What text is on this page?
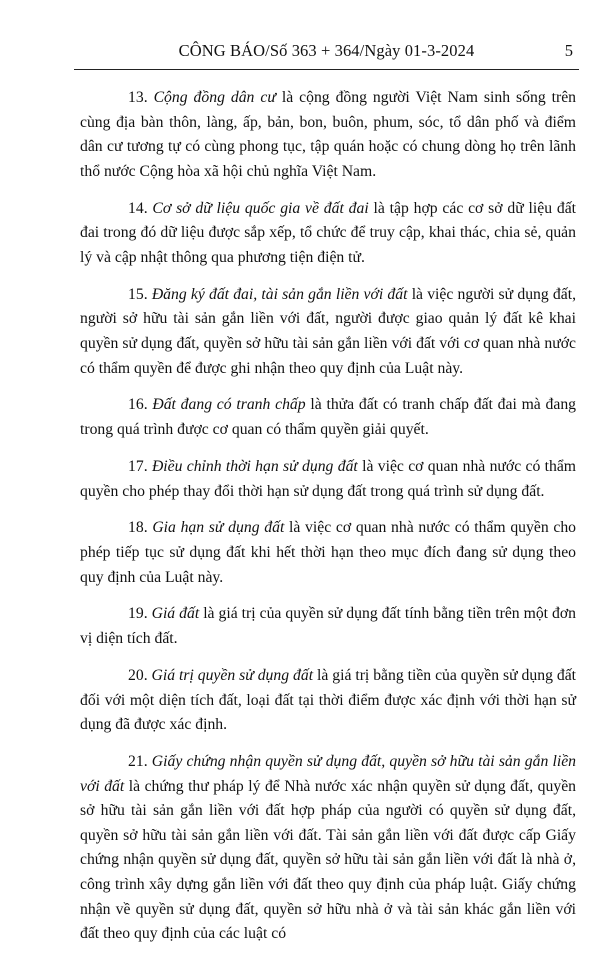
CÔNG BÁO/Số 363 + 364/Ngày 01-3-2024	5

13. Cộng đồng dân cư là cộng đồng người Việt Nam sinh sống trên cùng địa bàn thôn, làng, ấp, bản, bon, buôn, phum, sóc, tổ dân phố và điểm dân cư tương tự có cùng phong tục, tập quán hoặc có chung dòng họ trên lãnh thổ nước Cộng hòa xã hội chủ nghĩa Việt Nam.

14. Cơ sở dữ liệu quốc gia về đất đai là tập hợp các cơ sở dữ liệu đất đai trong đó dữ liệu được sắp xếp, tổ chức để truy cập, khai thác, chia sẻ, quản lý và cập nhật thông qua phương tiện điện tử.

15. Đăng ký đất đai, tài sản gắn liền với đất là việc người sử dụng đất, người sở hữu tài sản gắn liền với đất, người được giao quản lý đất kê khai quyền sử dụng đất, quyền sở hữu tài sản gắn liền với đất với cơ quan nhà nước có thẩm quyền để được ghi nhận theo quy định của Luật này.

16. Đất đang có tranh chấp là thửa đất có tranh chấp đất đai mà đang trong quá trình được cơ quan có thẩm quyền giải quyết.

17. Điều chỉnh thời hạn sử dụng đất là việc cơ quan nhà nước có thẩm quyền cho phép thay đổi thời hạn sử dụng đất trong quá trình sử dụng đất.

18. Gia hạn sử dụng đất là việc cơ quan nhà nước có thẩm quyền cho phép tiếp tục sử dụng đất khi hết thời hạn theo mục đích đang sử dụng theo quy định của Luật này.

19. Giá đất là giá trị của quyền sử dụng đất tính bằng tiền trên một đơn vị diện tích đất.

20. Giá trị quyền sử dụng đất là giá trị bằng tiền của quyền sử dụng đất đối với một diện tích đất, loại đất tại thời điểm được xác định với thời hạn sử dụng đã được xác định.

21. Giấy chứng nhận quyền sử dụng đất, quyền sở hữu tài sản gắn liền với đất là chứng thư pháp lý để Nhà nước xác nhận quyền sử dụng đất, quyền sở hữu tài sản gắn liền với đất hợp pháp của người có quyền sử dụng đất, quyền sở hữu tài sản gắn liền với đất. Tài sản gắn liền với đất được cấp Giấy chứng nhận quyền sử dụng đất, quyền sở hữu tài sản gắn liền với đất là nhà ở, công trình xây dựng gắn liền với đất theo quy định của pháp luật. Giấy chứng nhận về quyền sử dụng đất, quyền sở hữu nhà ở và tài sản khác gắn liền với đất theo quy định của các luật có
